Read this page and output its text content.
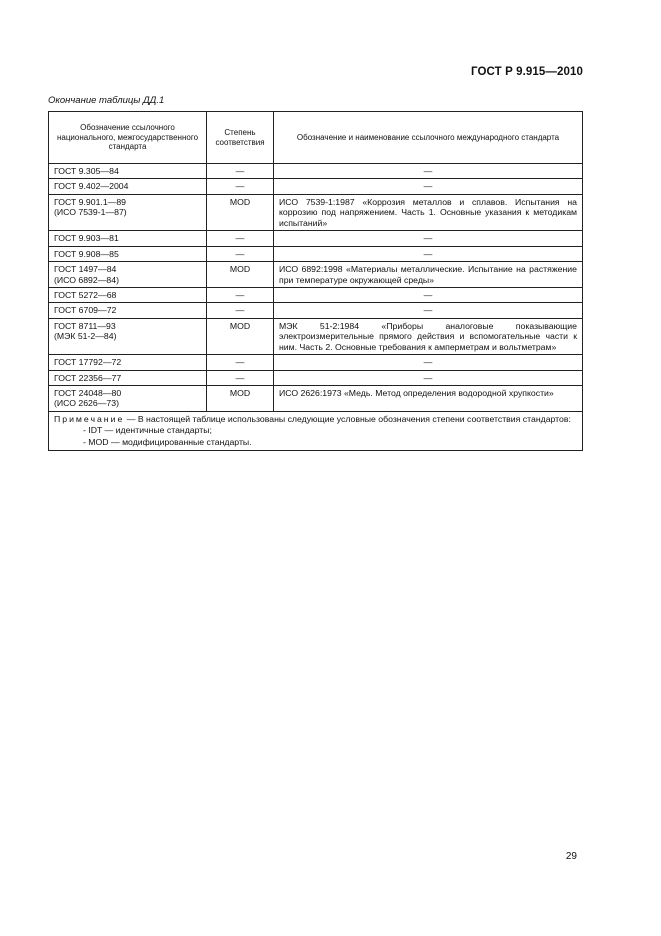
ГОСТ Р 9.915—2010
Окончание таблицы ДД.1
Обозначение ссылочного национального, межгосударственного стандарта	Степень соответствия	Обозначение и наименование ссылочного международного стандарта

ГОСТ 9.305—84	—	—

ГОСТ 9.402—2004	—	—

ГОСТ 9.901.1—89
(ИСО 7539-1—87)	MOD	ИСО 7539-1:1987 «Коррозия металлов и сплавов. Испытания на коррозию под напряжением. Часть 1. Основные указания к методикам испытаний»

ГОСТ 9.903—81	—	—

ГОСТ 9.908—85	—	—

ГОСТ 1497—84
(ИСО 6892—84)	MOD	ИСО 6892:1998 «Материалы металлические. Испытание на растяжение при температуре окружающей среды»

ГОСТ 5272—68	—	—

ГОСТ 6709—72	—	—

ГОСТ 8711—93
(МЭК 51-2—84)	MOD	МЭК 51-2:1984 «Приборы аналоговые показывающие электроизмерительные прямого действия и вспомогательные части к ним. Часть 2. Основные требования к амперметрам и вольтметрам»

ГОСТ 17792—72	—	—

ГОСТ 22356—77	—	—

ГОСТ 24048—80
(ИСО 2626—73)	MOD	ИСО 2626:1973 «Медь. Метод определения водородной хрупкости»
Примечание — В настоящей таблице использованы следующие условные обозначения степени соответствия стандартов:
- IDT — идентичные стандарты;
- MOD — модифицированные стандарты.		
29
